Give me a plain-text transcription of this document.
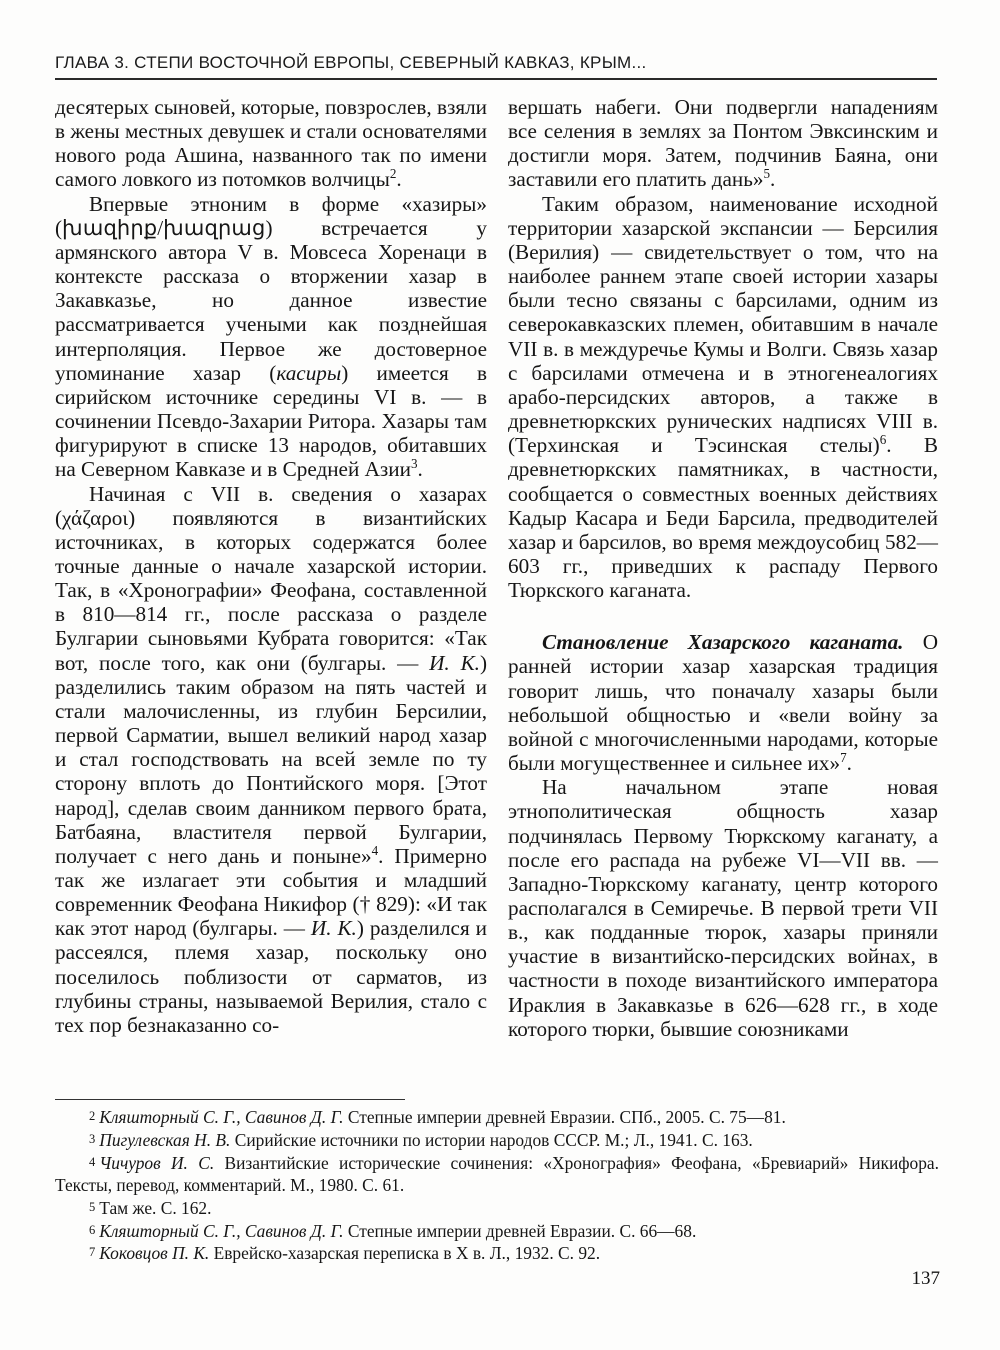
ГЛАВА 3. СТЕПИ ВОСТОЧНОЙ ЕВРОПЫ, СЕВЕРНЫЙ КАВКАЗ, КРЫМ...

десятерых сыновей, которые, повзрослев, взяли в жены местных девушек и стали основателями нового рода Ашина, названного так по имени самого ловкого из потомков волчицы$^2$.

Впервые этноним в форме «хазиры» (խազիրք/խազրաց) встречается у армянского автора V в. Мовсеса Хоренаци в контексте рассказа о вторжении хазар в Закавказье, но данное известие рассматривается учеными как позднейшая интерполяция. Первое же достоверное упоминание хазар (касиры) имеется в сирийском источнике середины VI в. — в сочинении Псевдо-Захарии Ритора. Хазары там фигурируют в списке 13 народов, обитавших на Северном Кавказе и в Средней Азии$^3$.

Начиная с VII в. сведения о хазарах (χάζαροι) появляются в византийских источниках, в которых содержатся более точные данные о начале хазарской истории. Так, в «Хронографии» Феофана, составленной в 810—814 гг., после рассказа о разделе Булгарии сыновьями Кубрата говорится: «Так вот, после того, как они (булгары. — И. К.) разделились таким образом на пять частей и стали малочисленны, из глубин Берсилии, первой Сарматии, вышел великий народ хазар и стал господствовать на всей земле по ту сторону вплоть до Понтийского моря. [Этот народ], сделав своим данником первого брата, Батбаяна, властителя первой Булгарии, получает с него дань и поныне»$^4$. Примерно так же излагает эти события и младший современник Феофана Никифор († 829): «И так как этот народ (булгары. — И. К.) разделился и рассеялся, племя хазар, поскольку оно поселилось поблизости от сарматов, из глубины страны, называемой Верилия, стало с тех пор безнаказанно со-

вершать набеги. Они подвергли нападениям все селения в землях за Понтом Эвксинским и достигли моря. Затем, подчинив Баяна, они заставили его платить дань»$^5$.

Таким образом, наименование исходной территории хазарской экспансии — Берсилия (Верилия) — свидетельствует о том, что на наиболее раннем этапе своей истории хазары были тесно связаны с барсилами, одним из северокавказских племен, обитавшим в начале VII в. в междуречье Кумы и Волги. Связь хазар с барсилами отмечена и в этногенеалогиях арабо-персидских авторов, а также в древнетюркских рунических надписях VIII в. (Терхинская и Тэсинская стелы)$^6$. В древнетюркских памятниках, в частности, сообщается о совместных военных действиях Кадыр Касара и Беди Барсила, предводителей хазар и барсилов, во время междоусобиц 582—603 гг., приведших к распаду Первого Тюркского каганата.

Становление Хазарского каганата. О ранней истории хазар хазарская традиция говорит лишь, что поначалу хазары были небольшой общностью и «вели войну за войной с многочисленными народами, которые были могущественнее и сильнее их»$^7$.

На начальном этапе новая этнополитическая общность хазар подчинялась Первому Тюркскому каганату, а после его распада на рубеже VI—VII вв. — Западно-Тюркскому каганату, центр которого располагался в Семиречье. В первой трети VII в., как подданные тюрок, хазары приняли участие в византийско-персидских войнах, в частности в походе византийского императора Ираклия в Закавказье в 626—628 гг., в ходе которого тюрки, бывшие союзниками

2 Кляшторный С. Г., Савинов Д. Г. Степные империи древней Евразии. СПб., 2005. С. 75—81.

3 Пигулевская Н. В. Сирийские источники по истории народов СССР. М.; Л., 1941. С. 163.

4 Чичуров И. С. Византийские исторические сочинения: «Хронография» Феофана, «Бревиарий» Никифора. Тексты, перевод, комментарий. М., 1980. С. 61.

5 Там же. С. 162.

6 Кляшторный С. Г., Савинов Д. Г. Степные империи древней Евразии. С. 66—68.

7 Коковцов П. К. Еврейско-хазарская переписка в X в. Л., 1932. С. 92.

137
